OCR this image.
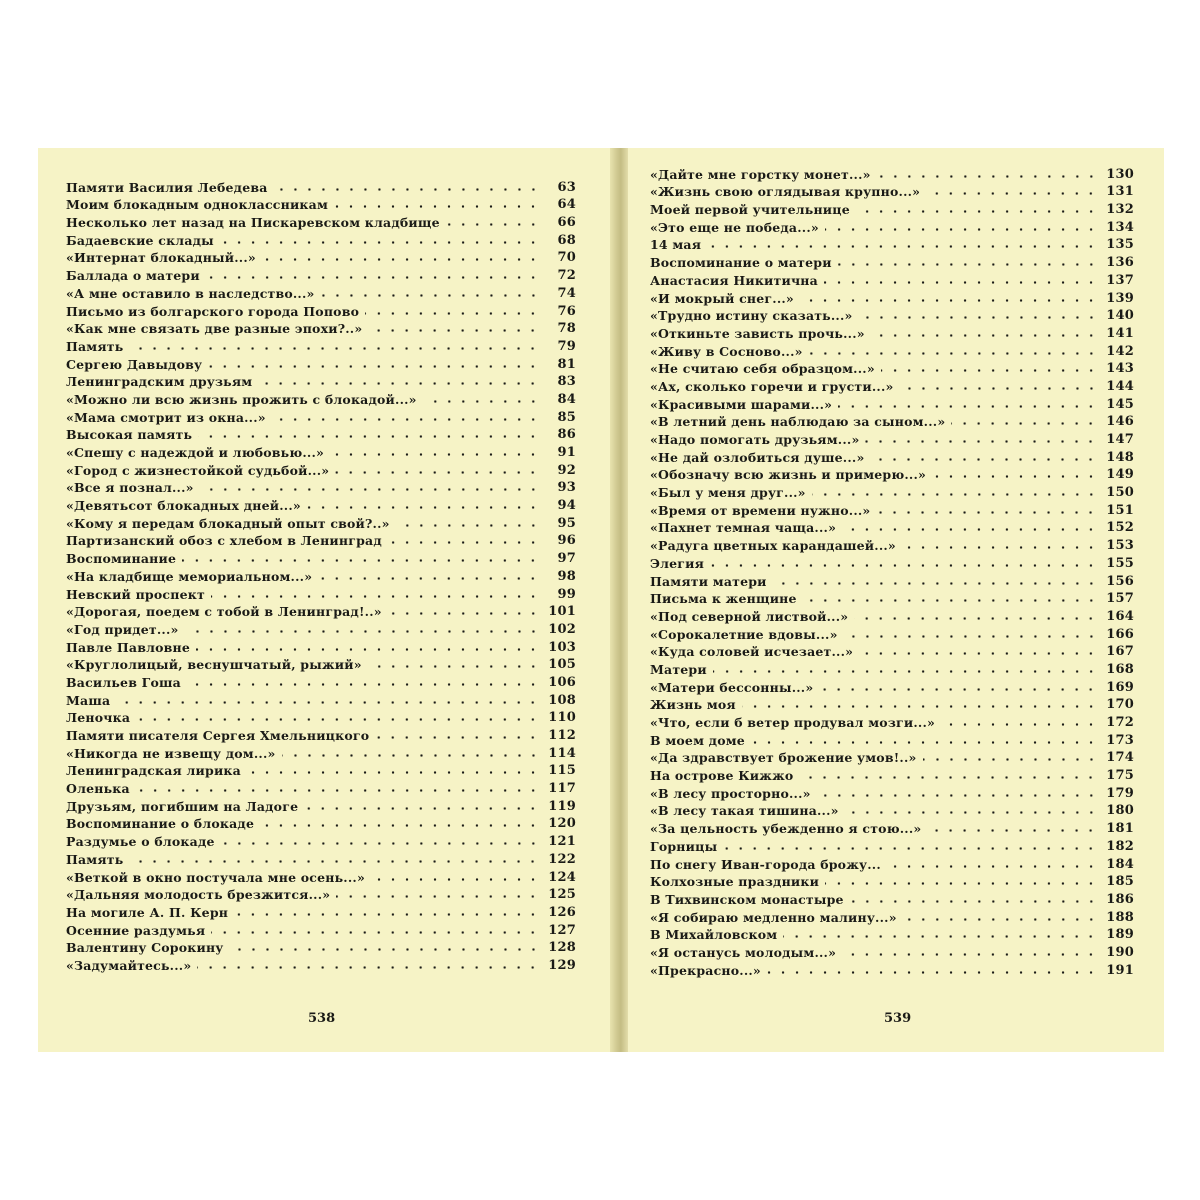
Памяти Василия Лебедева	63
Моим блокадным одноклассникам	64
Несколько лет назад на Пискаревском кладбище	66
Бадаевские склады	68
«Интернат блокадный...»	70
Баллада о матери	72
«А мне оставило в наследство...»	74
Письмо из болгарского города Попово	76
«Как мне связать две разные эпохи?..»	78
Память	79
Сергею Давыдову	81
Ленинградским друзьям	83
«Можно ли всю жизнь прожить с блокадой...»	84
«Мама смотрит из окна...»	85
Высокая память	86
«Спешу с надеждой и любовью...»	91
«Город с жизнестойкой судьбой...»	92
«Все я познал...»	93
«Девятьсот блокадных дней...»	94
«Кому я передам блокадный опыт свой?..»	95
Партизанский обоз с хлебом в Ленинград	96
Воспоминание	97
«На кладбище мемориальном...»	98
Невский проспект	99
«Дорогая, поедем с тобой в Ленинград!..»	101
«Год придет...»	102
Павле Павловне	103
«Круглолицый, веснушчатый, рыжий»	105
Васильев Гоша	106
Маша	108
Леночка	110
Памяти писателя Сергея Хмельницкого	112
«Никогда не извещу дом...»	114
Ленинградская лирика	115
Оленька	117
Друзьям, погибшим на Ладоге	119
Воспоминание о блокаде	120
Раздумье о блокаде	121
Память	122
«Веткой в окно постучала мне осень...»	124
«Дальняя молодость брезжится...»	125
На могиле А. П. Керн	126
Осенние раздумья	127
Валентину Сорокину	128
«Задумайтесь...»	129
538
«Дайте мне горстку монет...»	130
«Жизнь свою оглядывая крупно...»	131
Моей первой учительнице	132
«Это еще не победа...»	134
14 мая	135
Воспоминание о матери	136
Анастасия Никитична	137
«И мокрый снег...»	139
«Трудно истину сказать...»	140
«Откиньте зависть прочь...»	141
«Живу в Сосново...»	142
«Не считаю себя образцом...»	143
«Ах, сколько горечи и грусти...»	144
«Красивыми шарами...»	145
«В летний день наблюдаю за сыном...»	146
«Надо помогать друзьям...»	147
«Не дай озлобиться душе...»	148
«Обозначу всю жизнь и примерю...»	149
«Был у меня друг...»	150
«Время от времени нужно...»	151
«Пахнет темная чаща...»	152
«Радуга цветных карандашей...»	153
Элегия	155
Памяти матери	156
Письма к женщине	157
«Под северной листвой...»	164
«Сорокалетние вдовы...»	166
«Куда соловей исчезает...»	167
Матери	168
«Матери бессонны...»	169
Жизнь моя	170
«Что, если б ветер продувал мозги...»	172
В моем доме	173
«Да здравствует брожение умов!..»	174
На острове Кижжо	175
«В лесу просторно...»	179
«В лесу такая тишина...»	180
«За цельность убежденно я стою...»	181
Горницы	182
По снегу Иван-города брожу...	184
Колхозные праздники	185
В Тихвинском монастыре	186
«Я собираю медленно малину...»	188
В Михайловском	189
«Я останусь молодым...»	190
«Прекрасно...»	191
539
